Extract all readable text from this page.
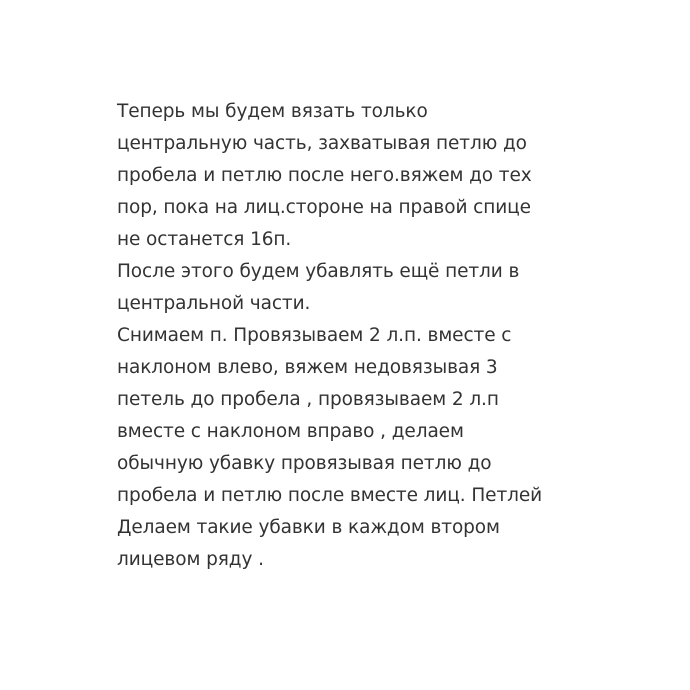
Теперь мы будем вязать только
центральную часть, захватывая петлю до
пробела и петлю после него.вяжем до тех
пор, пока на лиц.стороне на правой спице
не останется 16п.
После этого будем убавлять ещё петли в
центральной части.
Снимаем п. Провязываем 2 л.п. вместе с
наклоном влево, вяжем недовязывая 3
петель до пробела , провязываем 2 л.п
вместе с наклоном вправо , делаем
обычную убавку провязывая петлю до
пробела и петлю после вместе лиц. Петлей
Делаем такие убавки в каждом втором
лицевом ряду .
